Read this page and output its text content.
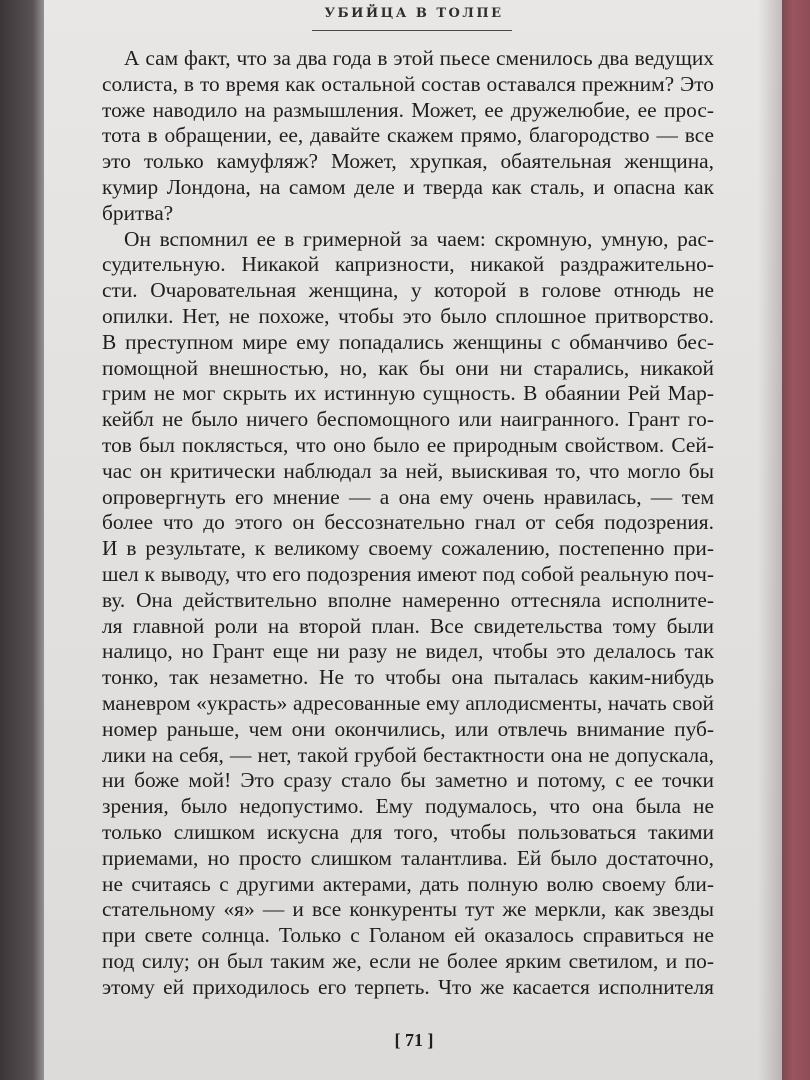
УБИЙЦА В ТОЛПЕ
А сам факт, что за два года в этой пьесе сменилось два ведущих
солиста, в то время как остальной состав оставался прежним? Это
тоже наводило на размышления. Может, ее дружелюбие, ее прос-
тота в обращении, ее, давайте скажем прямо, благородство — все
это только камуфляж? Может, хрупкая, обаятельная женщина,
кумир Лондона, на самом деле и тверда как сталь, и опасна как
бритва?
Он вспомнил ее в гримерной за чаем: скромную, умную, рас-
судительную. Никакой капризности, никакой раздражительно-
сти. Очаровательная женщина, у которой в голове отнюдь не
опилки. Нет, не похоже, чтобы это было сплошное притворство.
В преступном мире ему попадались женщины с обманчиво бес-
помощной внешностью, но, как бы они ни старались, никакой
грим не мог скрыть их истинную сущность. В обаянии Рей Мар-
кейбл не было ничего беспомощного или наигранного. Грант го-
тов был поклясться, что оно было ее природным свойством. Сей-
час он критически наблюдал за ней, выискивая то, что могло бы
опровергнуть его мнение — а она ему очень нравилась, — тем
более что до этого он бессознательно гнал от себя подозрения.
И в результате, к великому своему сожалению, постепенно при-
шел к выводу, что его подозрения имеют под собой реальную поч-
ву. Она действительно вполне намеренно оттесняла исполните-
ля главной роли на второй план. Все свидетельства тому были
налицо, но Грант еще ни разу не видел, чтобы это делалось так
тонко, так незаметно. Не то чтобы она пыталась каким-нибудь
маневром «украсть» адресованные ему аплодисменты, начать свой
номер раньше, чем они окончились, или отвлечь внимание пуб-
лики на себя, — нет, такой грубой бестактности она не допускала,
ни боже мой! Это сразу стало бы заметно и потому, с ее точки
зрения, было недопустимо. Ему подумалось, что она была не
только слишком искусна для того, чтобы пользоваться такими
приемами, но просто слишком талантлива. Ей было достаточно,
не считаясь с другими актерами, дать полную волю своему бли-
стательному «я» — и все конкуренты тут же меркли, как звезды
при свете солнца. Только с Голаном ей оказалось справиться не
под силу; он был таким же, если не более ярким светилом, и по-
этому ей приходилось его терпеть. Что же касается исполнителя
[ 71 ]
